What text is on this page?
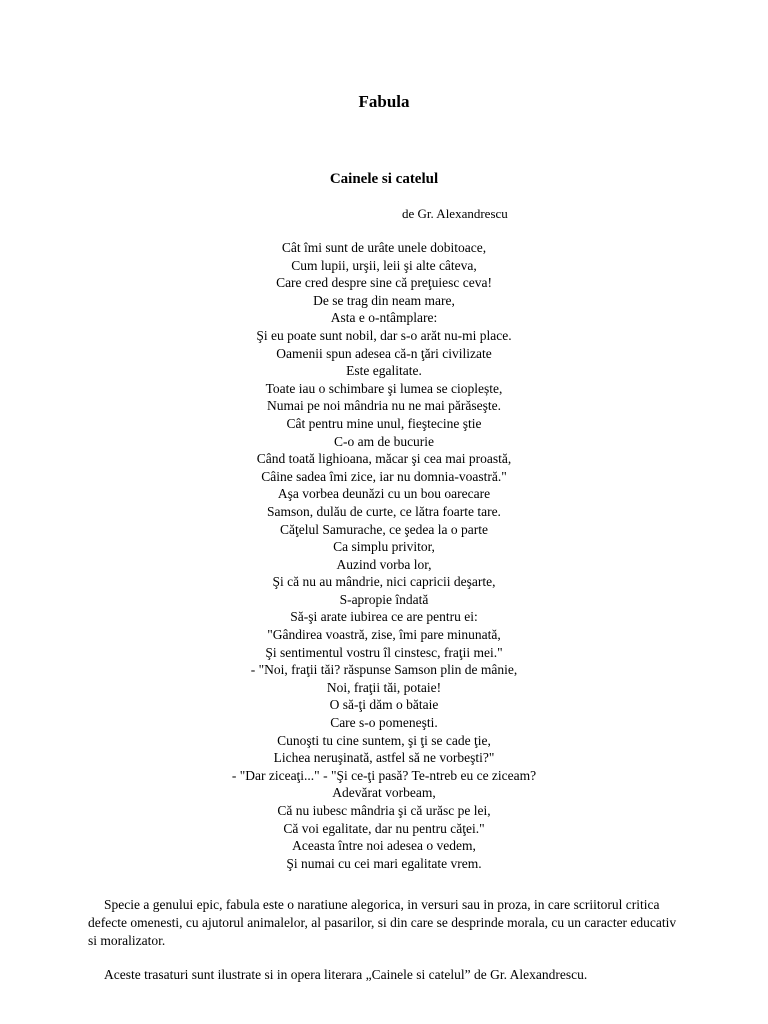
Fabula
Cainele si catelul
de Gr. Alexandrescu
Cât îmi sunt de urâte unele dobitoace,
Cum lupii, urşii, leii şi alte câteva,
Care cred despre sine că preţuiesc ceva!
De se trag din neam mare,
Asta e o-ntâmplare:
Şi eu poate sunt nobil, dar s-o arăt nu-mi place.
Oamenii spun adesea că-n ţări civilizate
Este egalitate.
Toate iau o schimbare şi lumea se cioplește,
Numai pe noi mândria nu ne mai părăseşte.
Cât pentru mine unul, fieştecine ştie
C-o am de bucurie
Când toată lighioana, măcar şi cea mai proastă,
Câine sadea îmi zice, iar nu domnia-voastră."
Aşa vorbea deunăzi cu un bou oarecare
Samson, dulău de curte, ce lătra foarte tare.
Căţelul Samurache, ce şedea la o parte
Ca simplu privitor,
Auzind vorba lor,
Şi că nu au mândrie, nici capricii deşarte,
S-apropie îndată
Să-şi arate iubirea ce are pentru ei:
"Gândirea voastră, zise, îmi pare minunată,
Şi sentimentul vostru îl cinstesc, fraţii mei."
- "Noi, fraţii tăi? răspunse Samson plin de mânie,
Noi, fraţii tăi, potaie!
O să-ţi dăm o bătaie
Care s-o pomeneşti.
Cunoşti tu cine suntem, şi ţi se cade ţie,
Lichea neruşinată, astfel să ne vorbeşti?"
- "Dar ziceaţi..." - "Şi ce-ţi pasă? Te-ntreb eu ce ziceam?
Adevărat vorbeam,
Că nu iubesc mândria şi că urăsc pe lei,
Că voi egalitate, dar nu pentru căţei."
Aceasta între noi adesea o vedem,
Şi numai cu cei mari egalitate vrem.
Specie a genului epic, fabula este o naratiune alegorica, in versuri sau in proza, in care scriitorul critica defecte omenesti, cu ajutorul animalelor, al pasarilor, si din care se desprinde morala, cu un caracter educativ si moralizator.
Aceste trasaturi sunt ilustrate si in opera literara „Cainele si catelul” de Gr. Alexandrescu.
